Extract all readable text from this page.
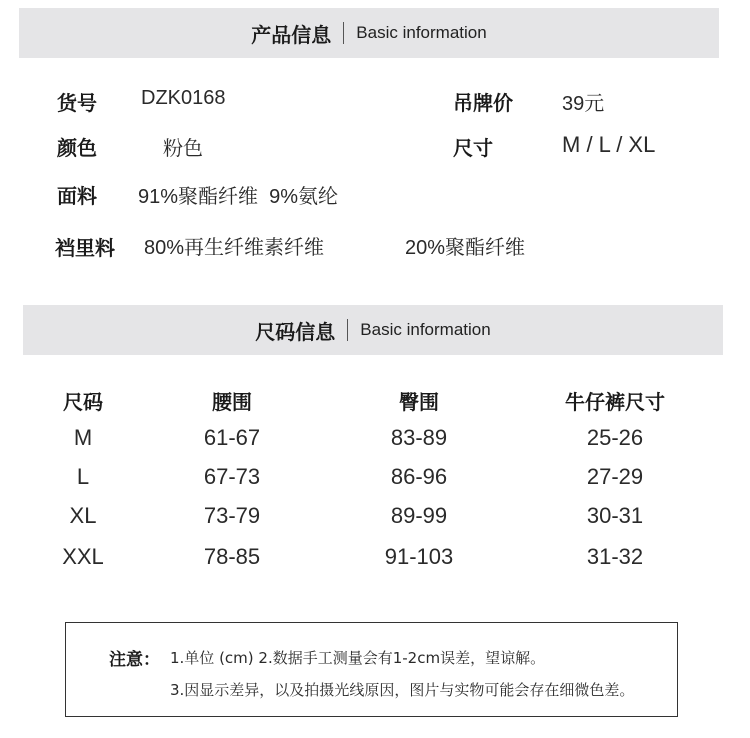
产品信息 Basic information
货号 DZK0168	吊牌价 39元
颜色	粉色	尺寸	M / L / XL
面料 91%聚酯纤维  9%氨纶
裆里料 80%再生纤维素纤维	20%聚酯纤维
尺码信息 Basic information
尺码	腰围	臀围	牛仔裤尺寸
M	61-67	83-89	25-26
L	67-73	86-96	27-29
XL	73-79	89-99	30-31
XXL	78-85	91-103	31-32
注意： 1.单位 (cm) 2.数据手工测量会有1-2cm误差，望谅解。
3.因显示差异，以及拍摄光线原因，图片与实物可能会存在细微色差。
